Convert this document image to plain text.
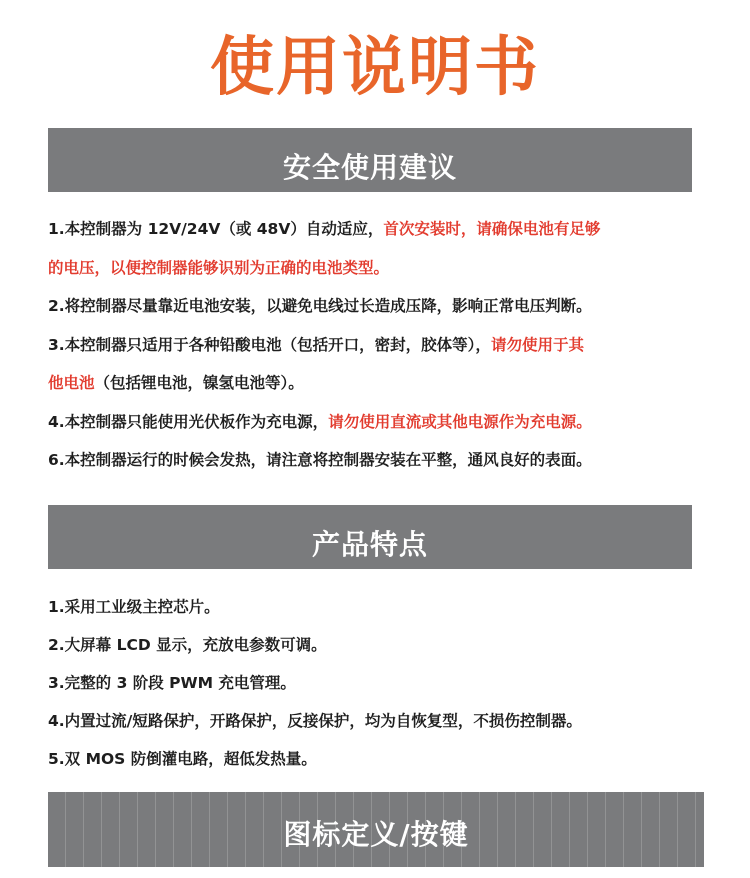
使用说明书
安全使用建议
1.本控制器为 12V/24V（或 48V）自动适应，首次安装时，请确保电池有足够
的电压，以便控制器能够识别为正确的电池类型。
2.将控制器尽量靠近电池安装，以避免电线过长造成压降，影响正常电压判断。
3.本控制器只适用于各种铅酸电池（包括开口，密封，胶体等），请勿使用于其
他电池（包括锂电池，镍氢电池等）。
4.本控制器只能使用光伏板作为充电源，请勿使用直流或其他电源作为充电源。
6.本控制器运行的时候会发热，请注意将控制器安装在平整，通风良好的表面。
产品特点
1.采用工业级主控芯片。
2.大屏幕 LCD 显示，充放电参数可调。
3.完整的 3 阶段 PWM 充电管理。
4.内置过流/短路保护，开路保护，反接保护，均为自恢复型，不损伤控制器。
5.双 MOS 防倒灌电路，超低发热量。
图标定义/按键
